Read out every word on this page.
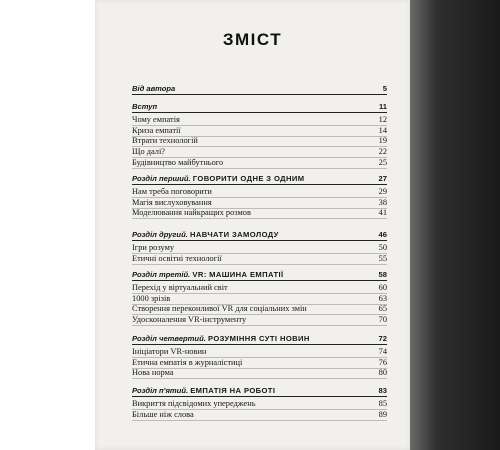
ЗМІСТ
Від автора	5
Вступ	11
Чому емпатія	12
Криза емпатії	14
Втрати технологій	19
Що далі?	22
Будівництво майбутнього	25
Розділ перший. ГОВОРИТИ ОДНЕ З ОДНИМ	27
Нам треба поговорити	29
Магія вислуховування	38
Моделювання найкращих розмов	41
Розділ другий. НАВЧАТИ ЗАМОЛОДУ	46
Ігри розуму	50
Етичні освітні технології	55
Розділ третій. VR: МАШИНА ЕМПАТІЇ	58
Перехід у віртуальний світ	60
1000 зрізів	63
Створення переконливої VR для соціальних змін	65
Удосконалення VR-інструменту	70
Розділ четвертий. РОЗУМІННЯ СУТІ НОВИН	72
Ініціатори VR-новин	74
Етична емпатія в журналістиці	76
Нова норма	80
Розділ п'ятий. ЕМПАТІЯ НА РОБОТІ	83
Викриття підсвідомих упереджень	85
Більше ніж слова	89
